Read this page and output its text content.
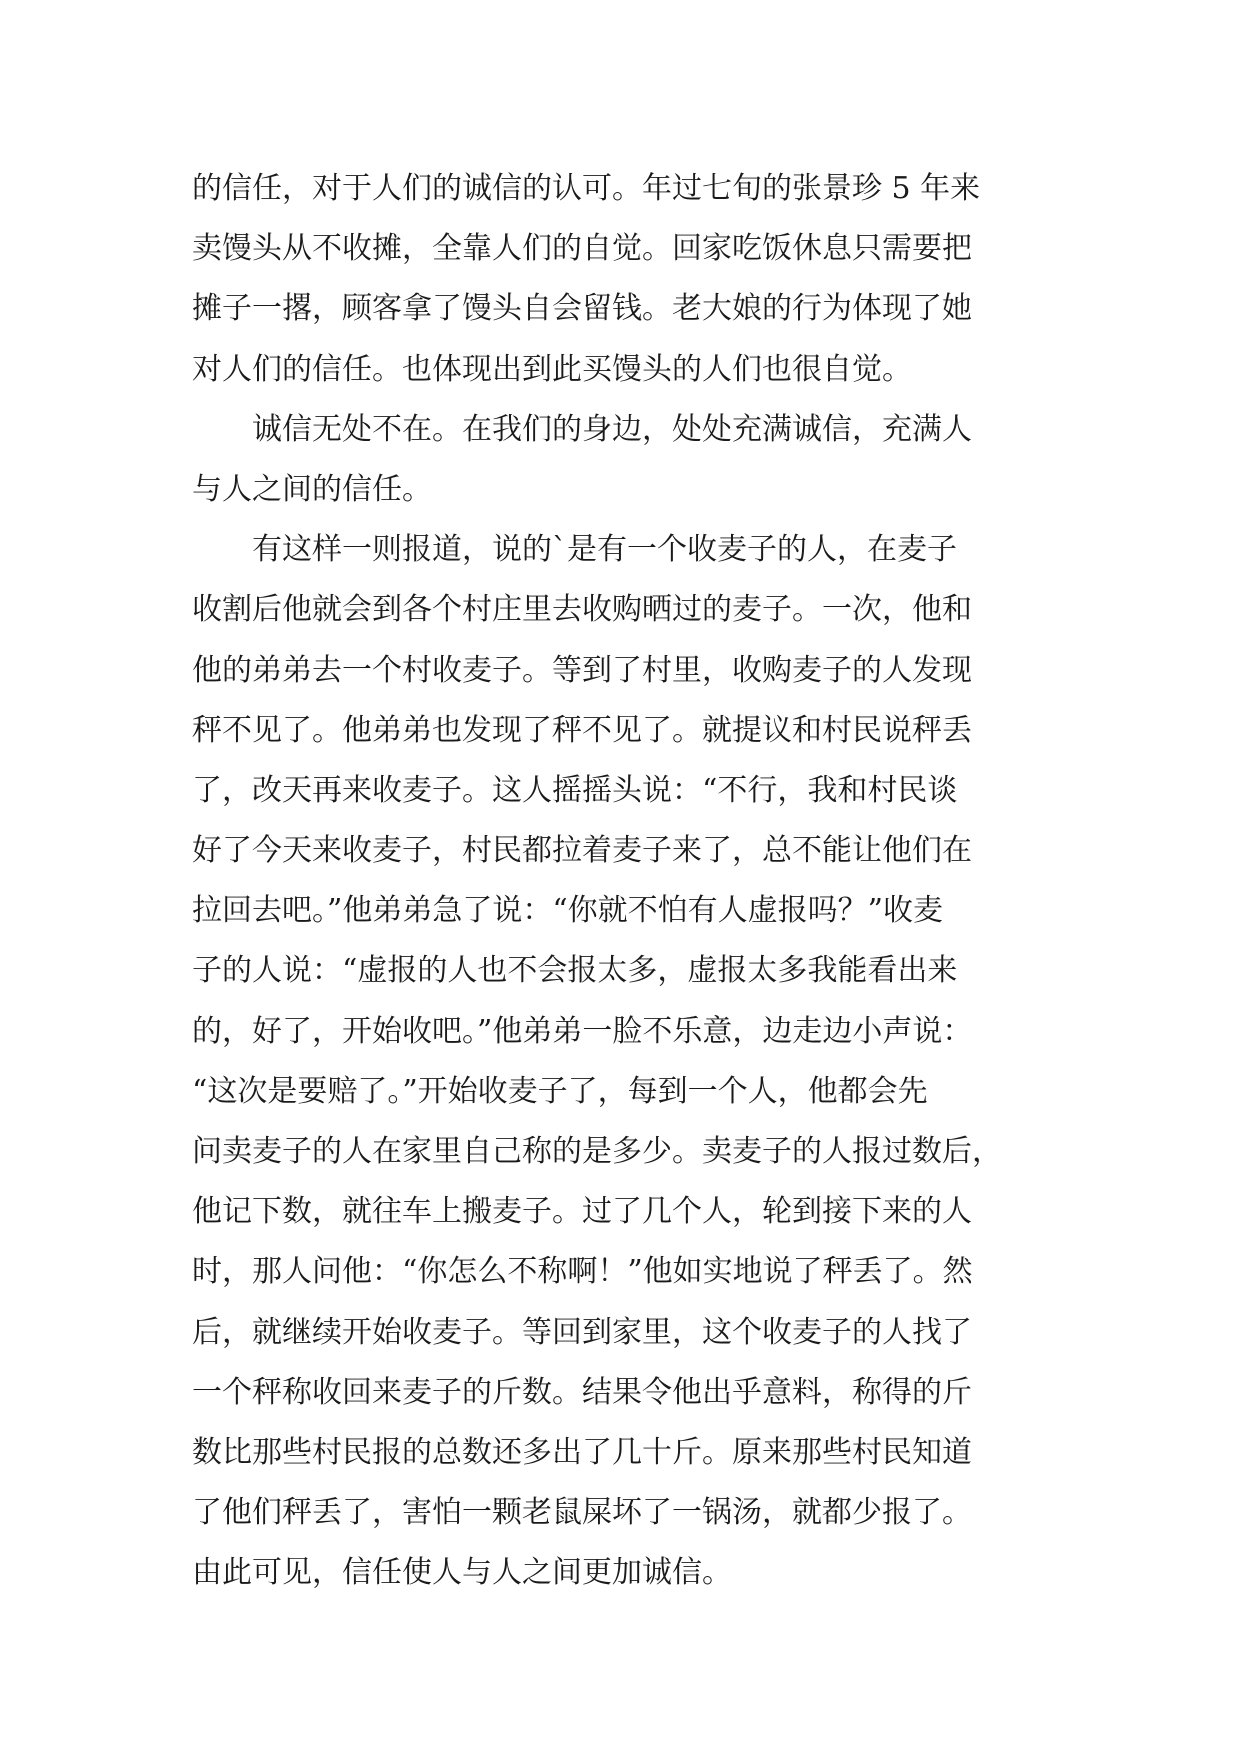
的信任，对于人们的诚信的认可。年过七旬的张景珍 5 年来
卖馒头从不收摊，全靠人们的自觉。回家吃饭休息只需要把
摊子一撂，顾客拿了馒头自会留钱。老大娘的行为体现了她
对人们的信任。也体现出到此买馒头的人们也很自觉。
诚信无处不在。在我们的身边，处处充满诚信，充满人
与人之间的信任。
有这样一则报道，说的`是有一个收麦子的人，在麦子
收割后他就会到各个村庄里去收购晒过的麦子。一次，他和
他的弟弟去一个村收麦子。等到了村里，收购麦子的人发现
秤不见了。他弟弟也发现了秤不见了。就提议和村民说秤丢
了，改天再来收麦子。这人摇摇头说：“不行，我和村民谈
好了今天来收麦子，村民都拉着麦子来了，总不能让他们在
拉回去吧。”他弟弟急了说：“你就不怕有人虚报吗？”收麦
子的人说：“虚报的人也不会报太多，虚报太多我能看出来
的，好了，开始收吧。”他弟弟一脸不乐意，边走边小声说：
“这次是要赔了。”开始收麦子了，每到一个人，他都会先
问卖麦子的人在家里自己称的是多少。卖麦子的人报过数后，
他记下数，就往车上搬麦子。过了几个人，轮到接下来的人
时，那人问他：“你怎么不称啊！”他如实地说了秤丢了。然
后，就继续开始收麦子。等回到家里，这个收麦子的人找了
一个秤称收回来麦子的斤数。结果令他出乎意料，称得的斤
数比那些村民报的总数还多出了几十斤。原来那些村民知道
了他们秤丢了，害怕一颗老鼠屎坏了一锅汤，就都少报了。
由此可见，信任使人与人之间更加诚信。
